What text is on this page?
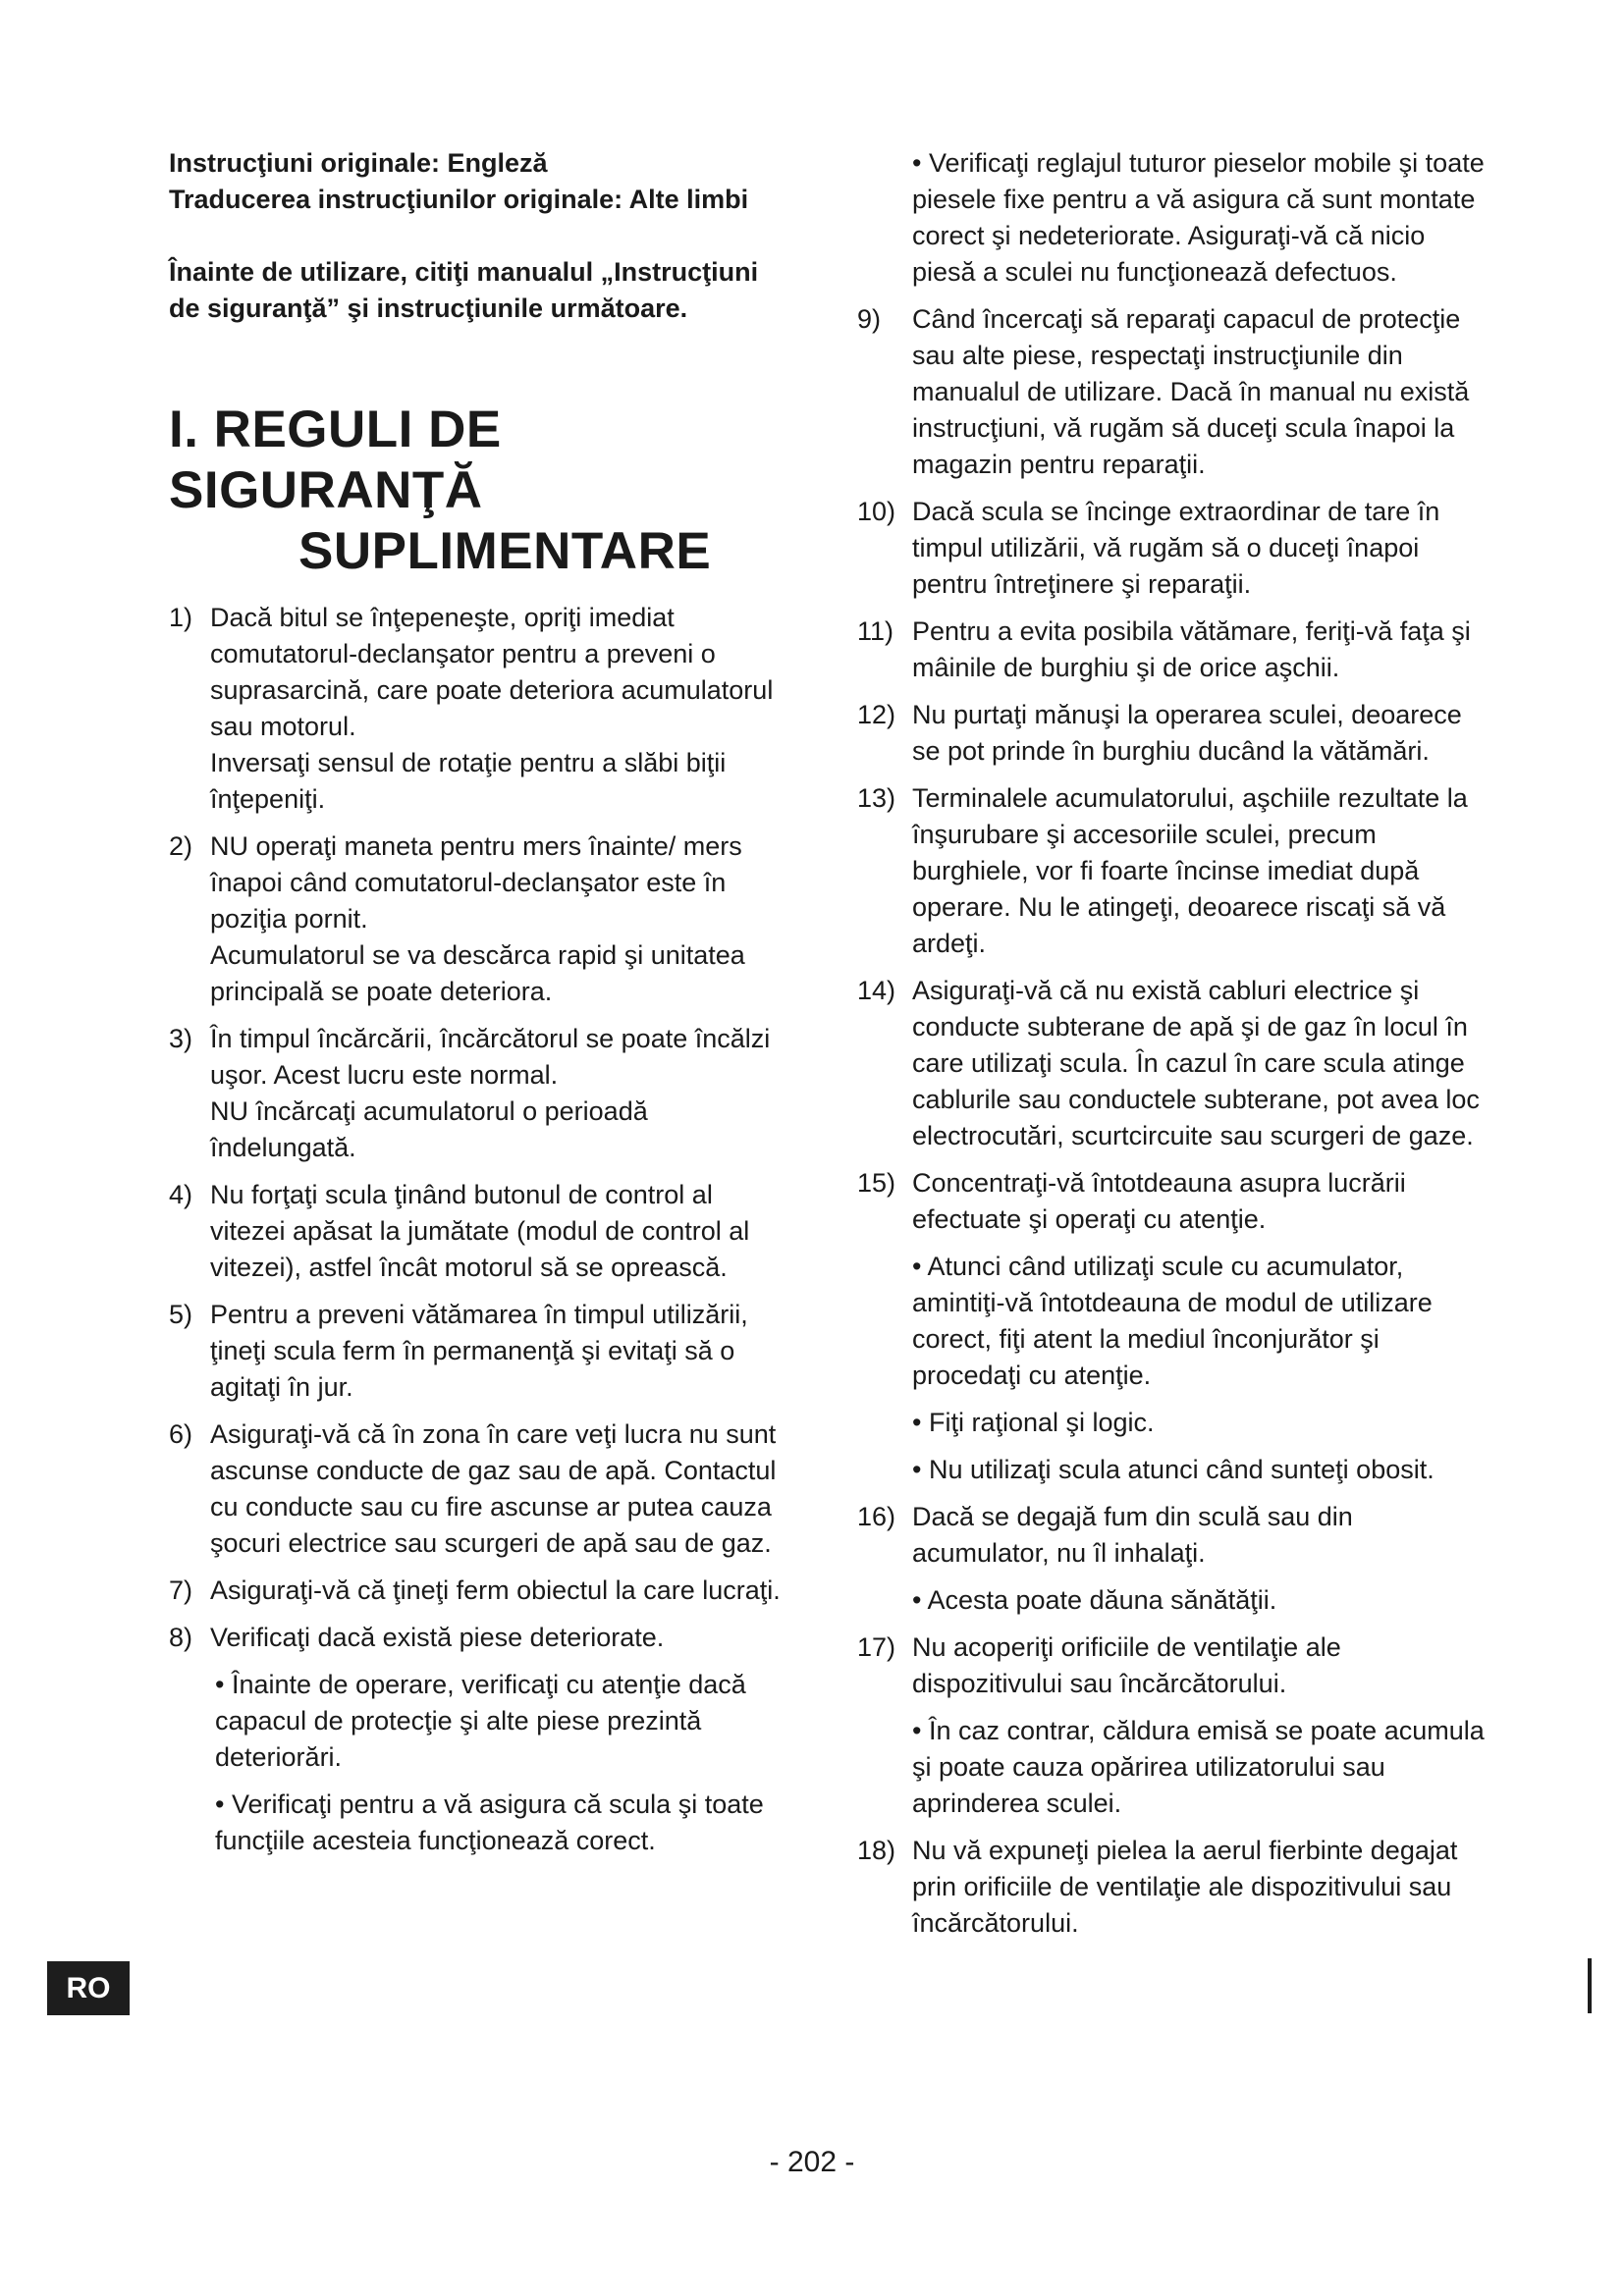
Instrucţiuni originale: Engleză
Traducerea instrucţiunilor originale: Alte limbi
Înainte de utilizare, citiţi manualul „Instrucţiuni de siguranţă” şi instrucţiunile următoare.
I. REGULI DE SIGURANŢĂ
SUPLIMENTARE
1) Dacă bitul se înţepeneşte, opriţi imediat comutatorul-declanşator pentru a preveni o suprasarcină, care poate deteriora acumulatorul sau motorul.

Inversaţi sensul de rotaţie pentru a slăbi biţii înţepeniţi.

2) NU operaţi maneta pentru mers înainte/ mers înapoi când comutatorul-declanşator este în poziţia pornit.

Acumulatorul se va descărca rapid şi unitatea principală se poate deteriora.

3) În timpul încărcării, încărcătorul se poate încălzi uşor. Acest lucru este normal.

NU încărcaţi acumulatorul o perioadă îndelungată.

4) Nu forţaţi scula ţinând butonul de control al vitezei apăsat la jumătate (modul de control al vitezei), astfel încât motorul să se oprească.

5) Pentru a preveni vătămarea în timpul utilizării, ţineţi scula ferm în permanenţă şi evitaţi să o agitaţi în jur.

6) Asiguraţi-vă că în zona în care veţi lucra nu sunt ascunse conducte de gaz sau de apă. Contactul cu conducte sau cu fire ascunse ar putea cauza şocuri electrice sau scurgeri de apă sau de gaz.

7) Asiguraţi-vă că ţineţi ferm obiectul la care lucraţi.

8) Verificaţi dacă există piese deteriorate.

• Înainte de operare, verificaţi cu atenţie dacă capacul de protecţie şi alte piese prezintă deteriorări.

• Verificaţi pentru a vă asigura că scula şi toate funcţiile acesteia funcţionează corect.

• Verificaţi reglajul tuturor pieselor mobile şi toate piesele fixe pentru a vă asigura că sunt montate corect şi nedeteriorate. Asiguraţi-vă că nicio piesă a sculei nu funcţionează defectuos.

9)	Când încercaţi să reparaţi capacul de protecţie sau alte piese, respectaţi instrucţiunile din manualul de utilizare. Dacă în manual nu există instrucţiuni, vă rugăm să duceţi scula înapoi la magazin pentru reparaţii.

10) Dacă scula se încinge extraordinar de tare în timpul utilizării, vă rugăm să o duceţi înapoi pentru întreţinere şi reparaţii.

11) Pentru a evita posibila vătămare, feriţi-vă faţa şi mâinile de burghiu şi de orice aşchii.

12) Nu purtaţi mănuşi la operarea sculei, deoarece se pot prinde în burghiu ducând la vătămări.

13) Terminalele acumulatorului, aşchiile rezultate la înşurubare şi accesoriile sculei, precum burghiele, vor fi foarte încinse imediat după operare. Nu le atingeţi, deoarece riscaţi să vă ardeţi.

14) Asiguraţi-vă că nu există cabluri electrice şi conducte subterane de apă şi de gaz în locul în care utilizaţi scula. În cazul în care scula atinge cablurile sau conductele subterane, pot avea loc electrocutări, scurtcircuite sau scurgeri de gaze.

15) Concentraţi-vă întotdeauna asupra lucrării efectuate şi operaţi cu atenţie.

• Atunci când utilizaţi scule cu acumulator, amintiţi-vă întotdeauna de modul de utilizare corect, fiţi atent la mediul înconjurător şi procedaţi cu atenţie.

• Fiţi raţional şi logic.

• Nu utilizaţi scula atunci când sunteţi obosit.

16) Dacă se degajă fum din sculă sau din acumulator, nu îl inhalaţi.

• Acesta poate dăuna sănătăţii.

17) Nu acoperiţi orificiile de ventilaţie ale dispozitivului sau încărcătorului.

• În caz contrar, căldura emisă se poate acumula şi poate cauza opărirea utilizatorului sau aprinderea sculei.

18) Nu vă expuneţi pielea la aerul fierbinte degajat prin orificiile de ventilaţie ale dispozitivului sau încărcătorului.

RO
- 202 -
